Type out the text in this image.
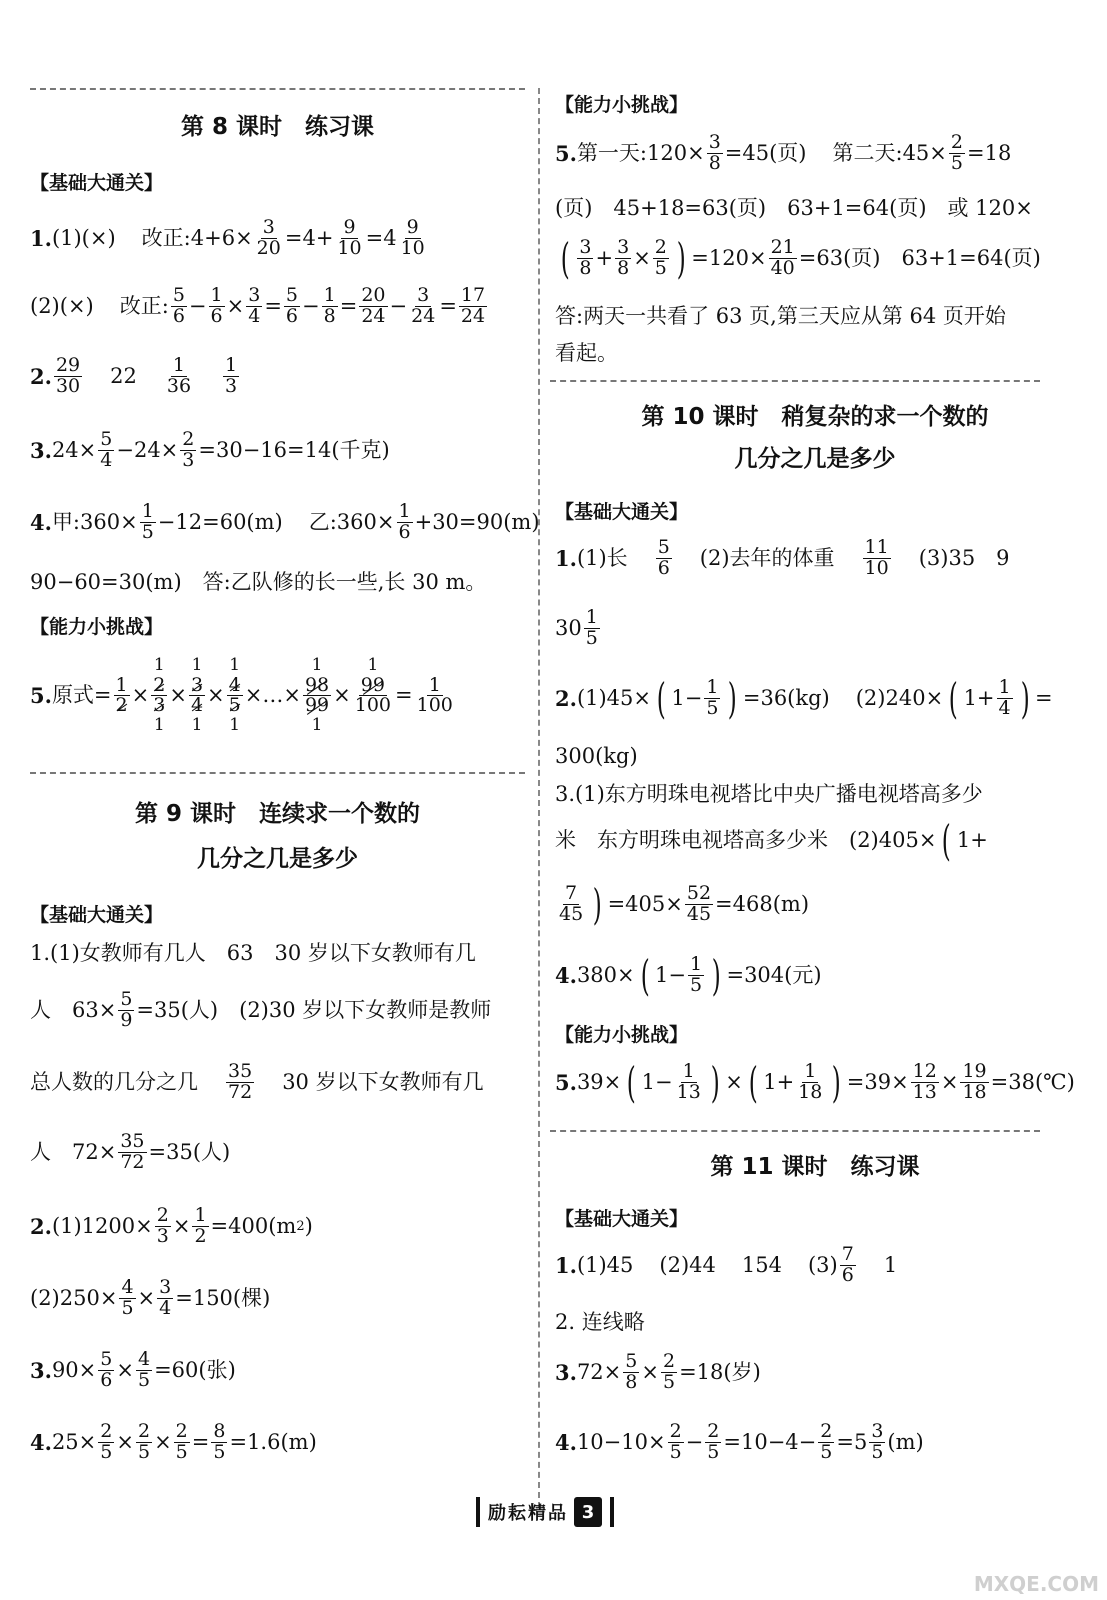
第 8 课时　练习课
【基础大通关】
1. (1)(×) 改正:4+6× 3
20 =4+ 9
10 =4 9
10
(2)(×) 改正: 5
6 − 1
6 × 3
4 = 5
6 − 1
8 = 20
24 − 3
24 = 17
24
2. 29
30 22 1
36
1
3
3. 24× 5
4 −24× 2
3 =30−16=14(千克)
4. 甲:360× 1
5 −12=60(m) 乙:360× 1
6 +30=90(m)
90−60=30(m)　答:乙队修的长一些,长 30 m。
【能力小挑战】
5. 原式= 1
2 ×
1
2
3
1
×
1
3
4
1
×
1
4
5
1
×…×
1
98
99
1
×
1
99
100
= 1
100
第 9 课时　连续求一个数的
几分之几是多少
【基础大通关】
1.(1)女教师有几人　63　30 岁以下女教师有几
人　$63\times \frac{5}{9} =35$(人)　(2)30 岁以下女教师是教师
总人数的几分之几 35
72 30 岁以下女教师有几
人　$72\times \frac{35}{72} =35$(人)
2. (1)1200× 2
3 × 1
2 =400(m 2 )
(2)250× 4
5 × 3
4 =150(棵)
3. 90× 5
6 × 4
5 =60(张)
4. 25× 2
5 × 2
5 × 2
5 = 8
5 =1.6(m)
【能力小挑战】
5. 第一天:120× 3
8 =45(页) 第二天:45× 2
5 =18
(页)　45+18=63(页)　63+1=64(页)　或 120×
( 3
8 + 3
8 × 2
5 ) =120× 21
40 =63(页)　63+1=64(页)
答:两天一共看了 63 页,第三天应从第 64 页开始
看起。
第 10 课时　稍复杂的求一个数的
几分之几是多少
【基础大通关】
1. (1)长 5
6 (2)去年的体重 11
10 (3)35　9
30 1
5
2. (1)45× ( 1− 1
5 ) =36(kg) (2)240× ( 1+ 1
4 ) =
300(kg)
3.(1)东方明珠电视塔比中央广播电视塔高多少
米　东方明珠电视塔高多少米　(2)405× ( 1+
7
45 ) =405× 52
45 =468(m)
4. 380× ( 1− 1
5 ) =304(元)
【能力小挑战】
5. 39× ( 1− 1
13 ) × ( 1+ 1
18 ) =39× 12
13 × 19
18 =38(℃)
第 11 课时　练习课
【基础大通关】
1. (1)45 (2)44 154 (3) 7
6 1
2. 连线略
3. 72× 5
8 × 2
5 =18(岁)
4. 10−10× 2
5 − 2
5 =10−4− 2
5 =5 3
5 (m)
励耘精品 3
MXQE.COM
